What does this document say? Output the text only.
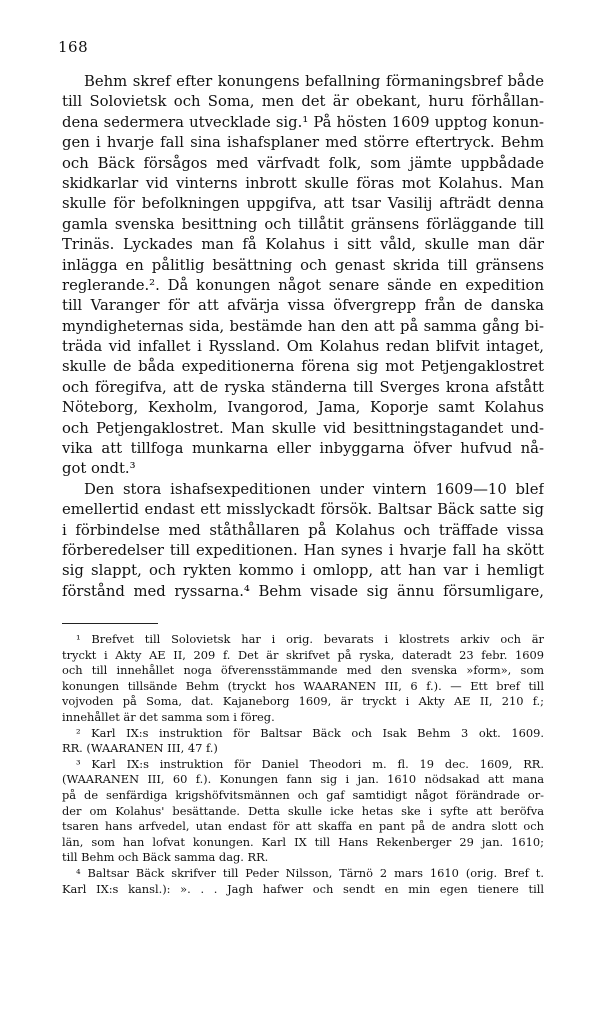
168
Behm skref efter konungens befallning förmaningsbref både
till Solovietsk och Soma, men det är obekant, huru förhållan-
dena sedermera utvecklade sig.¹ På hösten 1609 upptog konun-
gen i hvarje fall sina ishafsplaner med större eftertryck. Behm
och Bäck försågos med värfvadt folk, som jämte uppbådade
skidkarlar vid vinterns inbrott skulle föras mot Kolahus. Man
skulle för befolkningen uppgifva, att tsar Vasilij afträdt denna
gamla svenska besittning och tillåtit gränsens förläggande till
Trinäs. Lyckades man få Kolahus i sitt våld, skulle man där
inlägga en pålitlig besättning och genast skrida till gränsens
reglerande.². Då konungen något senare sände en expedition
till Varanger för att afvärja vissa öfvergrepp från de danska
myndigheternas sida, bestämde han den att på samma gång bi-
träda vid infallet i Ryssland. Om Kolahus redan blifvit intaget,
skulle de båda expeditionerna förena sig mot Petjengaklostret
och föregifva, att de ryska ständerna till Sverges krona afstått
Nöteborg, Kexholm, Ivangorod, Jama, Koporje samt Kolahus
och Petjengaklostret. Man skulle vid besittningstagandet und-
vika att tillfoga munkarna eller inbyggarna öfver hufvud nå-
got ondt.³
Den stora ishafsexpeditionen under vintern 1609—10 blef
emellertid endast ett misslyckadt försök. Baltsar Bäck satte sig
i förbindelse med ståthållaren på Kolahus och träffade vissa
förberedelser till expeditionen. Han synes i hvarje fall ha skött
sig slappt, och rykten kommo i omlopp, att han var i hemligt
förstånd med ryssarna.⁴ Behm visade sig ännu försumligare,
¹ Brefvet till Solovietsk har i orig. bevarats i klostrets arkiv och är
tryckt i Akty AE II, 209 f. Det är skrifvet på ryska, dateradt 23 febr. 1609
och till innehållet noga öfverensstämmande med den svenska »form», som
konungen tillsände Behm (tryckt hos WAARANEN III, 6 f.). — Ett bref till
vojvoden på Soma, dat. Kajaneborg 1609, är tryckt i Akty AE II, 210 f.;
innehållet är det samma som i föreg.
² Karl IX:s instruktion för Baltsar Bäck och Isak Behm 3 okt. 1609.
RR. (WAARANEN III, 47 f.)
³ Karl IX:s instruktion för Daniel Theodori m. fl. 19 dec. 1609, RR.
(WAARANEN III, 60 f.). Konungen fann sig i jan. 1610 nödsakad att mana
på de senfärdiga krigshöfvitsmännen och gaf samtidigt något förändrade or-
der om Kolahus' besättande. Detta skulle icke hetas ske i syfte att beröfva
tsaren hans arfvedel, utan endast för att skaffa en pant på de andra slott och
län, som han lofvat konungen. Karl IX till Hans Rekenberger 29 jan. 1610;
till Behm och Bäck samma dag. RR.
⁴ Baltsar Bäck skrifver till Peder Nilsson, Tärnö 2 mars 1610 (orig. Bref t.
Karl IX:s kansl.): ». . . Jagh hafwer och sendt en min egen tienere till
